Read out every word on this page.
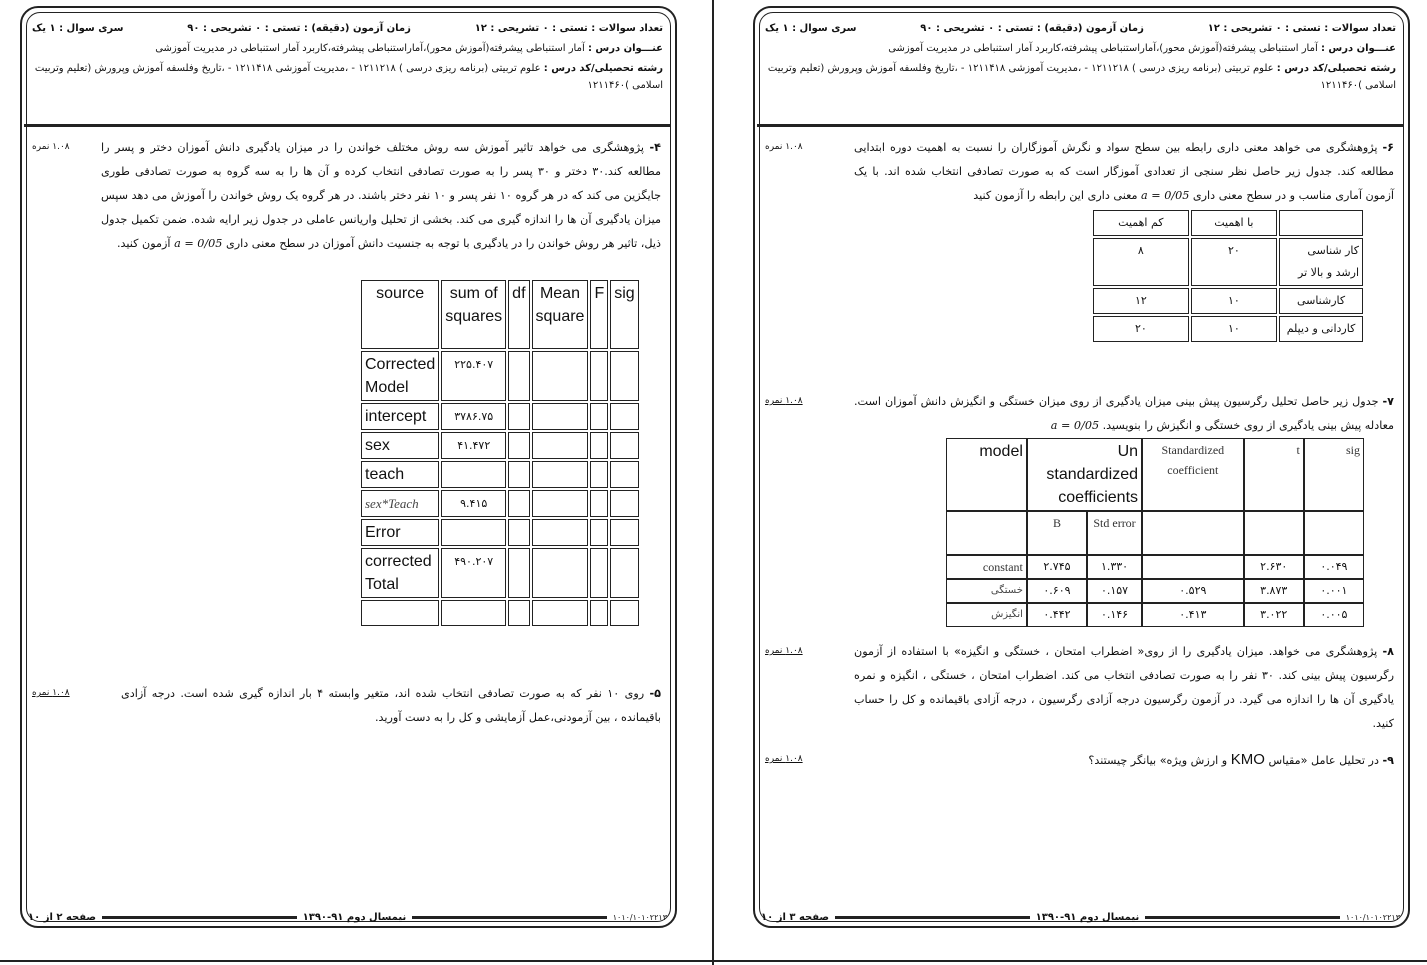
تعداد سوالات : تستی : ۰ تشریحی : ۱۲
زمان آزمون (دقیقه) : تستی : ۰ تشریحی : ۹۰
سری سوال : ۱ یک

عنـــوان درس : آمار استنباطی پیشرفته(آموزش محور)،آماراستنباطی پیشرفته،کاربرد آمار استنباطی در مدیریت آموزشی

رشته تحصیلی/کد درس : علوم تربیتی (برنامه ریزی درسی ) ۱۲۱۱۲۱۸ - ،مدیریت آموزشی ۱۲۱۱۴۱۸ - ،تاریخ وفلسفه آموزش وپرورش (تعلیم وتربیت اسلامی )۱۲۱۱۴۶۰

۱.۰۸ نمره	۴- پژوهشگری می خواهد تاثیر آموزش سه روش مختلف خواندن را در میزان یادگیری دانش آموزان دختر و پسر را مطالعه کند.۳۰ دختر و ۳۰ پسر را به صورت تصادفی انتخاب کرده و آن ها را به سه گروه به صورت تصادفی طوری جایگزین می کند که در هر گروه ۱۰ نفر پسر و ۱۰ نفر دختر باشند. در هر گروه یک روش خواندن را آموزش می دهد سپس میزان یادگیری آن ها را اندازه گیری می کند. بخشی از تحلیل واریانس عاملی در جدول زیر ارایه شده. ضمن تکمیل جدول ذیل، تاثیر هر روش خواندن را در یادگیری با توجه به جنسیت دانش آموزان در سطح معنی داری a = 0/05 آزمون کنید.
source	sum of squares	df	Mean square	F	sig
Corrected Model	۲۲۵.۴۰۷				
intercept	۳۷۸۶.۷۵				
sex	۴۱.۴۷۲				
teach					
sex*Teach	۹.۴۱۵				
Error					
corrected Total	۴۹۰.۲۰۷				

۱.۰۸ نمره	۵- روی ۱۰ نفر که به صورت تصادفی انتخاب شده اند، متغیر وابسته ۴ بار اندازه گیری شده است. درجه آزادی باقیمانده ، بین آزمودنی،عمل آزمایشی و کل را به دست آورید.
۱۰۱۰/۱۰۱۰۲۲۱۳
نیمسال دوم ۹۱-۱۳۹۰
صفحه ۲ از ۱۰
تعداد سوالات : تستی : ۰ تشریحی : ۱۲
زمان آزمون (دقیقه) : تستی : ۰ تشریحی : ۹۰
سری سوال : ۱ یک

عنـــوان درس : آمار استنباطی پیشرفته(آموزش محور)،آماراستنباطی پیشرفته،کاربرد آمار استنباطی در مدیریت آموزشی

رشته تحصیلی/کد درس : علوم تربیتی (برنامه ریزی درسی ) ۱۲۱۱۲۱۸ - ،مدیریت آموزشی ۱۲۱۱۴۱۸ - ،تاریخ وفلسفه آموزش وپرورش (تعلیم وتربیت اسلامی )۱۲۱۱۴۶۰

۱.۰۸ نمره	۶- پژوهشگری می خواهد معنی داری رابطه بین سطح سواد و نگرش آموزگاران را نسبت به اهمیت دوره ابتدایی مطالعه کند. جدول زیر حاصل نظر سنجی از تعدادی آموزگار است که به صورت تصادفی انتخاب شده اند. با یک آزمون آماری مناسب و در سطح معنی داری a = 0/05 معنی داری این رابطه را آزمون کنید
	با اهمیت	کم اهمیت
کار شناسی ارشد و بالا تر	۲۰	۸
کارشناسی	۱۰	۱۲
کاردانی و دیپلم	۱۰	۲۰
۱.۰۸ نمره	۷- جدول زیر حاصل تحلیل رگرسیون پیش بینی میزان یادگیری از روی میزان خستگی و انگیزش دانش آموزان است. معادله پیش بینی یادگیری از روی خستگی و انگیزش را بنویسید. a = 0/05
model	Un standardized coefficients		Standardized coefficient	t	sig
	B	Std error			
constant	۲.۷۴۵	۱.۳۳۰		۲.۶۳۰	۰.۰۴۹
خستگی	۰.۶۰۹	۰.۱۵۷	۰.۵۲۹	۳.۸۷۳	۰.۰۰۱
انگیزش	۰.۴۴۲	۰.۱۴۶	۰.۴۱۳	۳.۰۲۲	۰.۰۰۵
۱.۰۸ نمره	۸- پژوهشگری می خواهد. میزان یادگیری را از روی« اضطراب امتحان ، خستگی و انگیزه» با استفاده از آزمون رگرسیون پیش بینی کند. ۳۰ نفر را به صورت تصادفی انتخاب می کند. اضطراب امتحان ، خستگی ، انگیزه و نمره یادگیری آن ها را اندازه می گیرد. در آزمون رگرسیون درجه آزادی رگرسیون ، درجه آزادی باقیمانده و کل را حساب کنید.
۱.۰۸ نمره	۹- در تحلیل عامل «مقیاس KMO و ارزش ویژه» بیانگر چیستند؟
۱۰۱۰/۱۰۱۰۲۲۱۳
نیمسال دوم ۹۱-۱۳۹۰
صفحه ۳ از ۱۰
